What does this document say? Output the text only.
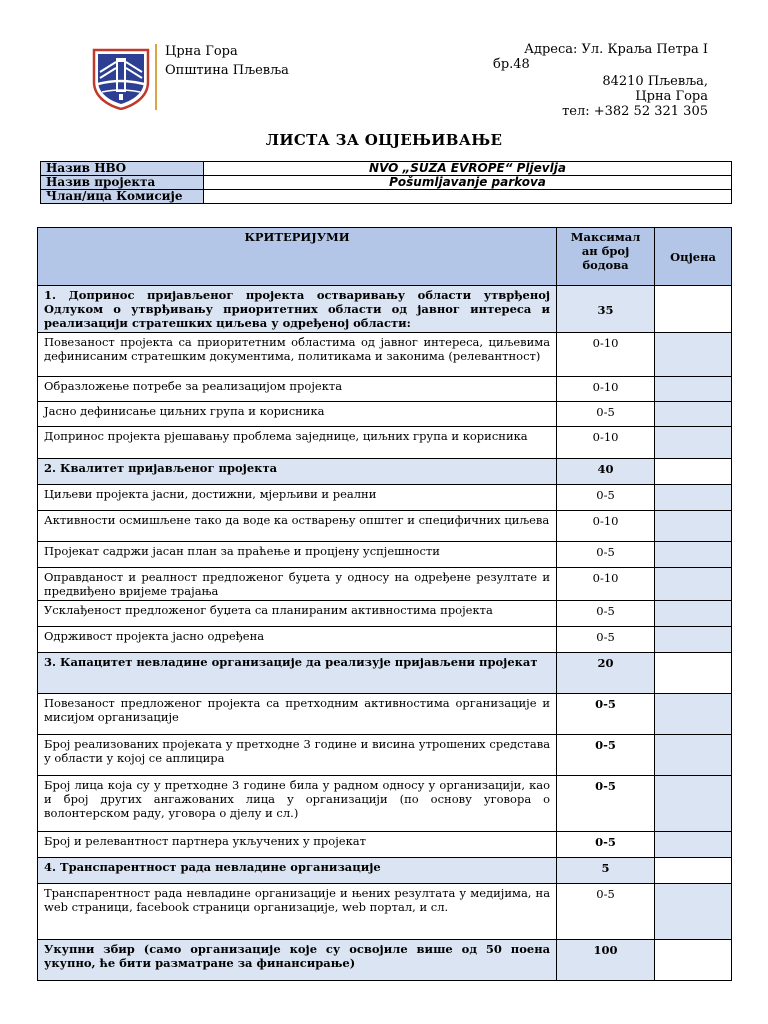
Црна Гора
Општина Пљевља
Адреса: Ул. Краља Петра I
бр.48
84210 Пљевља,
Црна Гора
тел: +382 52 321 305
ЛИСТА ЗА ОЦЈЕЊИВАЊЕ
Назив НВО	NVO „SUZA EVROPE“ Pljevlja
Назив пројекта	Pošumljavanje parkova
Члан/ица Комисије	
КРИТЕРИЈУМИ	Максимал ан број бодова	Оцјена
1. Допринос пријављеног пројекта остваривању области утврђеној Одлуком о утврђивању приоритетних области од јавног интереса и реализацији стратешких циљева у одређеној области:	35	
Повезаност пројекта са приоритетним областима од јавног интереса, циљевима дефинисаним стратешким документима, политикама и законима (релевантност)	0-10	
Образложење потребе за реализацијом пројекта	0-10	
Јасно дефинисање циљних група и корисника	0-5	
Допринос пројекта рјешавању проблема заједнице, циљних група и корисника	0-10	
2. Квалитет пријављеног пројекта	40	
Циљеви пројекта јасни, достижни, мјерљиви и реални	0-5	
Активности осмишљене тако да воде ка остварењу општег и специфичних циљева	0-10	
Пројекат садржи јасан план за праћење и процјену успјешности	0-5	
Оправданост и реалност предложеног буџета у односу на одређене резултате и предвиђено вријеме трајања	0-10	
Усклађеност предложеног буџета са планираним активностима пројекта	0-5	
Одрживост пројекта јасно одређена	0-5	
3. Капацитет невладине организације да реализује пријављени пројекат	20	
Повезаност предложеног пројекта са претходним активностима организације и мисијом организације	0-5	
Број реализованих пројеката у претходне 3 године и висина утрошених средстава у области у којој се аплицира	0-5	
Број лица која су у претходне 3 године била у радном односу у организацији, као и број других ангажованих лица у организацији (по основу уговора о волонтерском раду, уговора о дјелу и сл.)	0-5	
Број и релевантност партнера укључених у пројекат	0-5	
4. Транспарентност рада невладине организације	5	
Транспарентност рада невладине организације и њених резултата у медијима, на web страници, facebook страници организације, web портал, и сл.	0-5	
Укупни збир (само организације које су освојиле више од 50 поена укупно, ће бити разматране за финансирање)	100	
